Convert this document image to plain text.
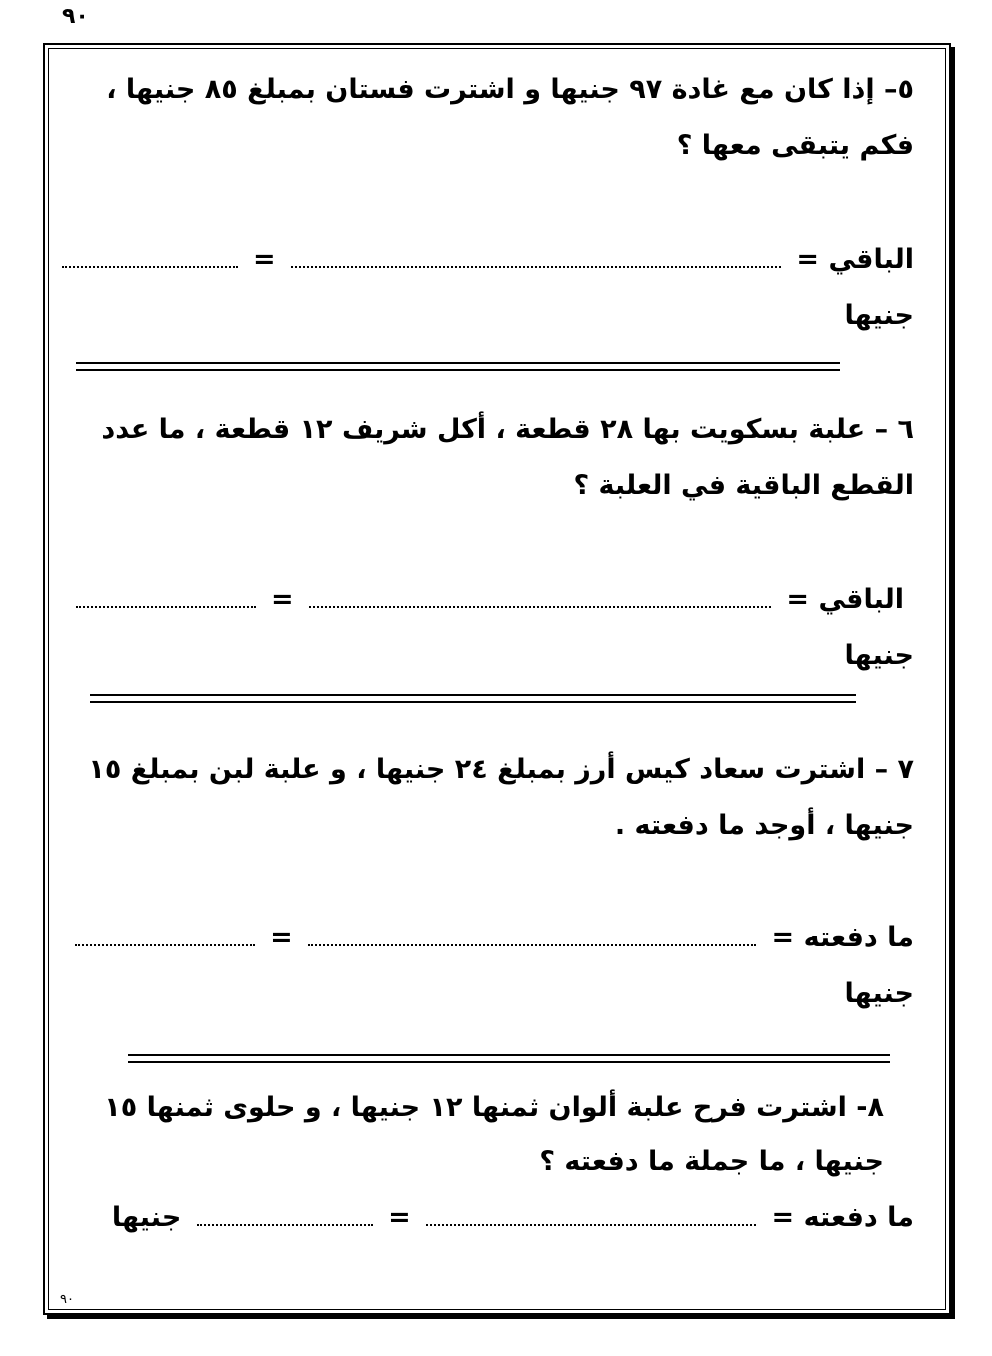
٩٠
٥– إذا كان مع غادة ٩٧ جنيها و اشترت فستان بمبلغ ٨٥ جنيها ،
فكم يتبقى معها ؟
الباقي =  =
جنيها
٦ – علبة بسكويت بها ٢٨ قطعة ، أكل شريف ١٢ قطعة ، ما عدد
القطع الباقية في العلبة ؟
الباقي =  =
جنيها
٧ – اشترت سعاد كيس أرز بمبلغ ٢٤ جنيها ، و علبة لبن بمبلغ ١٥
جنيها ، أوجد ما دفعته .
ما دفعته =  =
جنيها
٨- اشترت فرح علبة ألوان ثمنها ١٢ جنيها ، و حلوى ثمنها ١٥
جنيها ، ما جملة ما دفعته ؟
ما دفعته =  =  جنيها
٩٠
